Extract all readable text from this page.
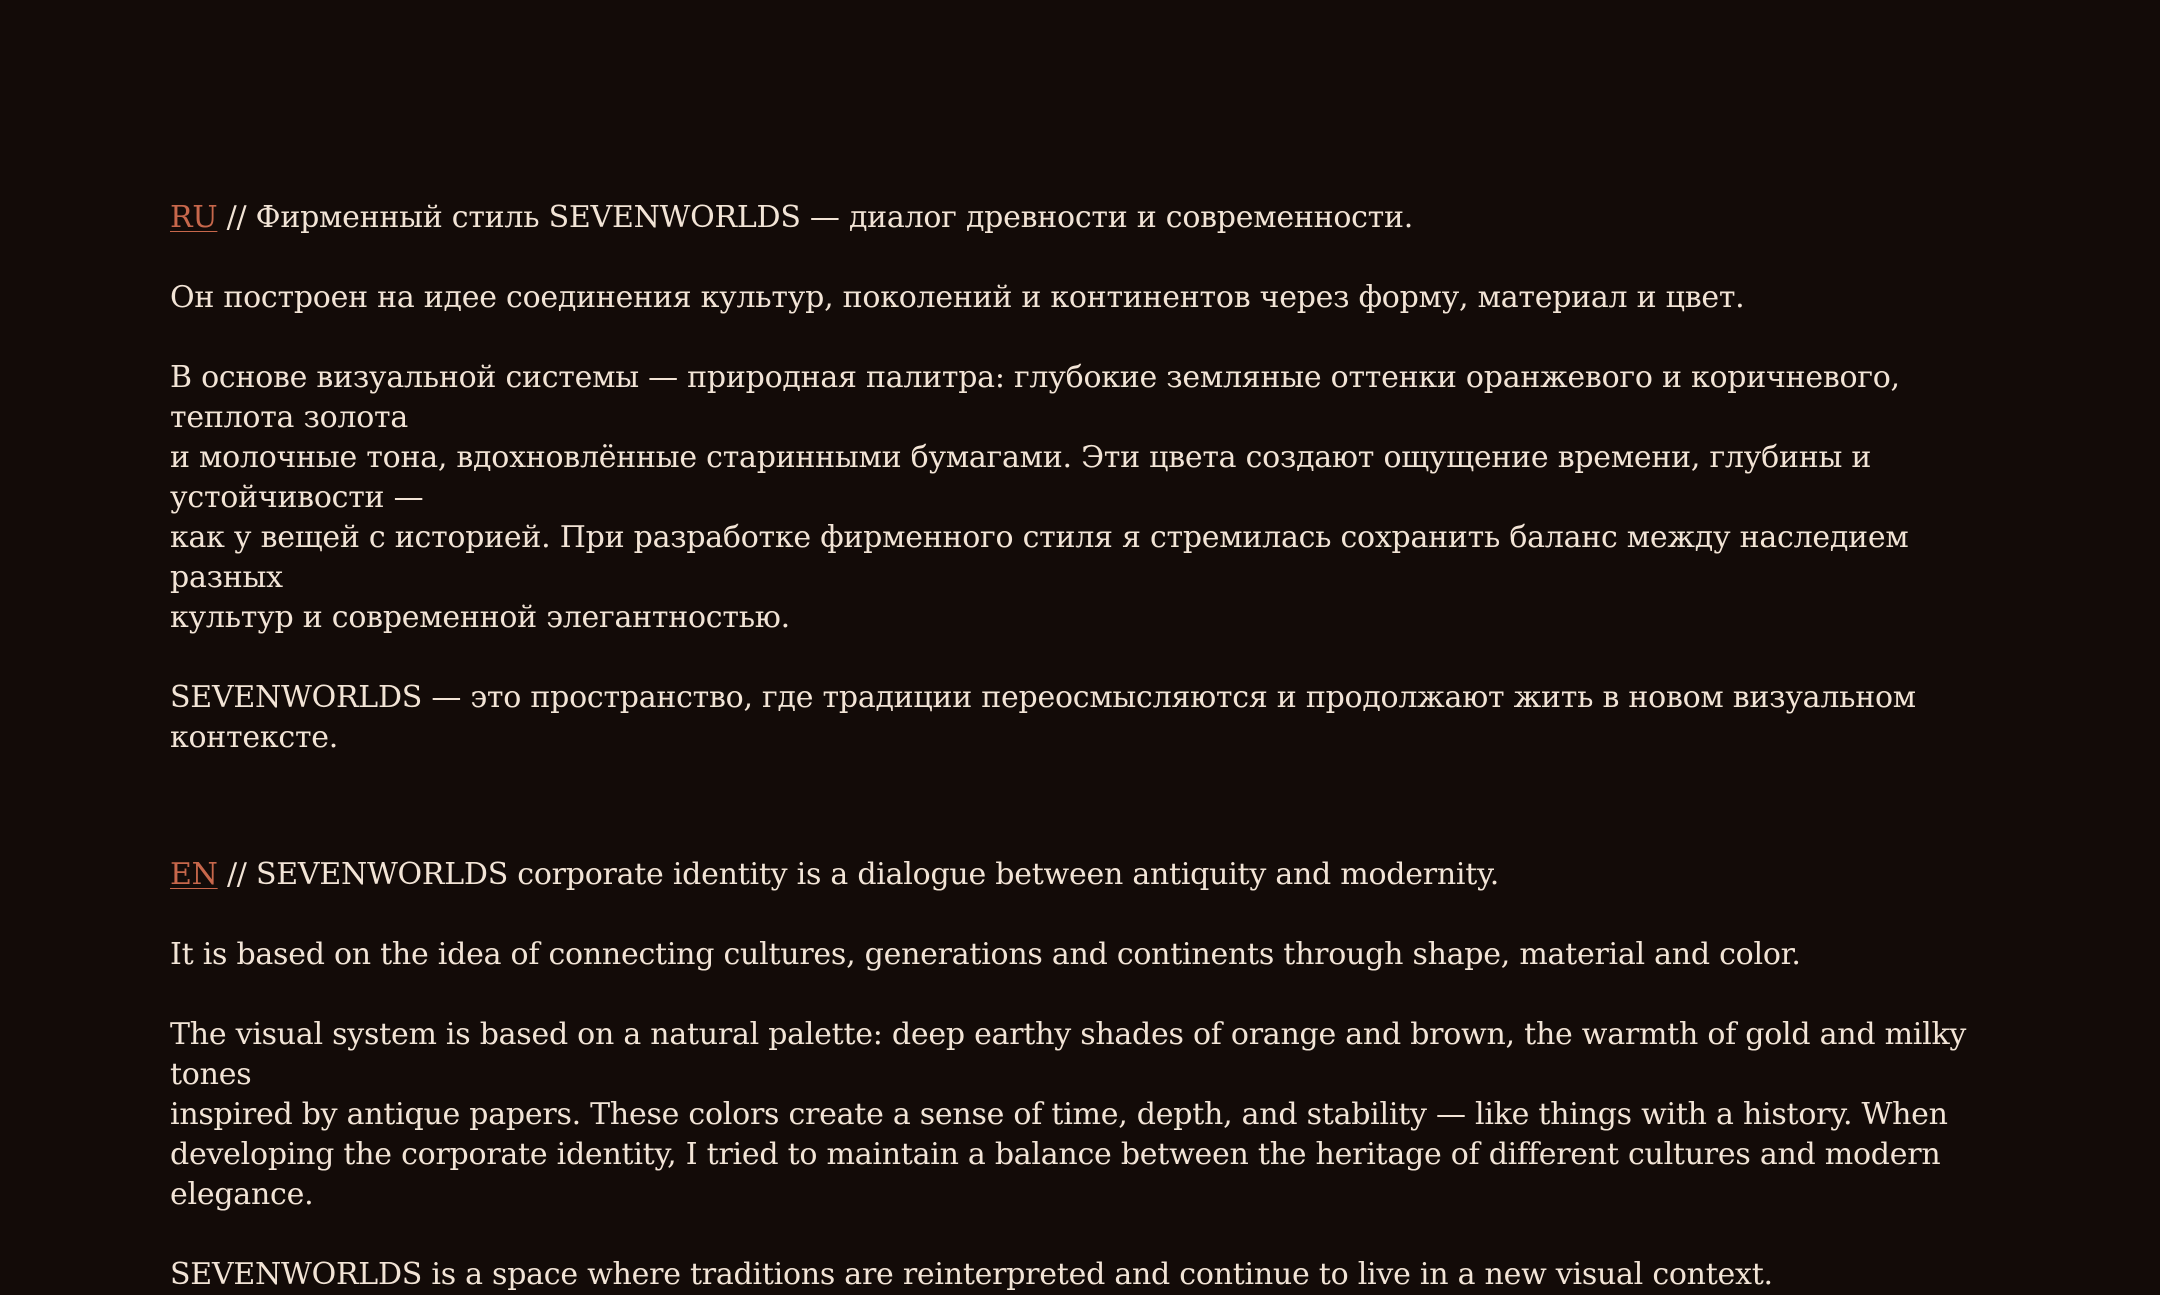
RU // Фирменный стиль SEVENWORLDS — диалог древности и современности.

Он построен на идее соединения культур, поколений и континентов через форму, материал и цвет.

В основе визуальной системы — природная палитра: глубокие земляные оттенки оранжевого и коричневого, теплота золота
и молочные тона, вдохновлённые старинными бумагами. Эти цвета создают ощущение времени, глубины и устойчивости —
как у вещей с историей. При разработке фирменного стиля я стремилась сохранить баланс между наследием разных
культур и современной элегантностью.

SEVENWORLDS — это пространство, где традиции переосмысляются и продолжают жить в новом визуальном контексте.

EN // SEVENWORLDS corporate identity is a dialogue between antiquity and modernity.

It is based on the idea of connecting cultures, generations and continents through shape, material and color.

The visual system is based on a natural palette: deep earthy shades of orange and brown, the warmth of gold and milky tones
inspired by antique papers. These colors create a sense of time, depth, and stability — like things with a history. When
developing the corporate identity, I tried to maintain a balance between the heritage of different cultures and modern elegance.

SEVENWORLDS is a space where traditions are reinterpreted and continue to live in a new visual context.
